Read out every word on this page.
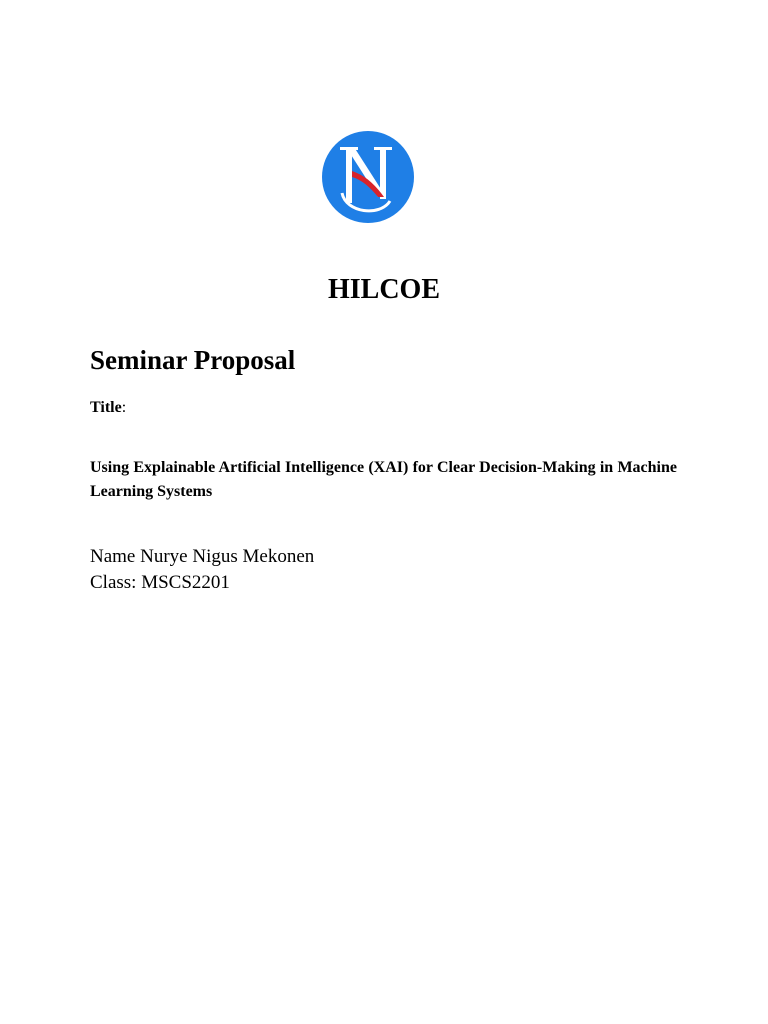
HILCOE
Seminar Proposal

Title:

Using Explainable Artificial Intelligence (XAI) for Clear Decision-Making in Machine Learning Systems

Name Nurye Nigus Mekonen

Class: MSCS2201
